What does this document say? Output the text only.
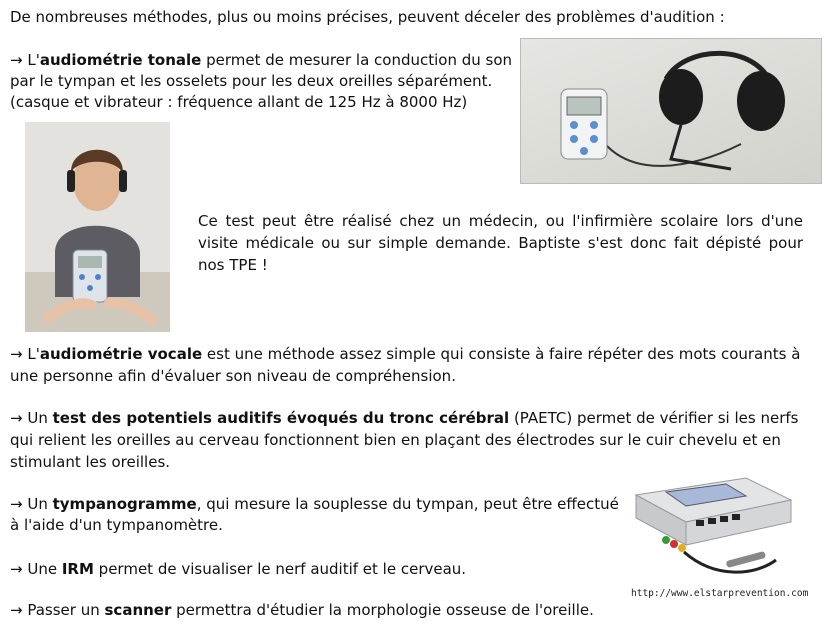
De nombreuses méthodes, plus ou moins précises, peuvent déceler des problèmes d'audition :
→ L'audiométrie tonale permet de mesurer la conduction du son
par le tympan et les osselets pour les deux oreilles séparément.
(casque et vibrateur : fréquence allant de 125 Hz à 8000 Hz)
Ce test peut être réalisé chez un médecin, ou l'infirmière scolaire lors d'une visite médicale ou sur simple demande. Baptiste s'est donc fait dépisté pour nos TPE !
→ L'audiométrie vocale est une méthode assez simple qui consiste à faire répéter des mots courants à
une personne afin d'évaluer son niveau de compréhension.
→ Un test des potentiels auditifs évoqués du tronc cérébral (PAETC) permet de vérifier si les nerfs
qui relient les oreilles au cerveau fonctionnent bien en plaçant des électrodes sur le cuir chevelu et en
stimulant les oreilles.
http://www.elstarprevention.com
→ Un tympanogramme, qui mesure la souplesse du tympan, peut être effectué
à l'aide d'un tympanomètre.
→ Une IRM permet de visualiser le nerf auditif et le cerveau.
→ Passer un scanner permettra d'étudier la morphologie osseuse de l'oreille.
